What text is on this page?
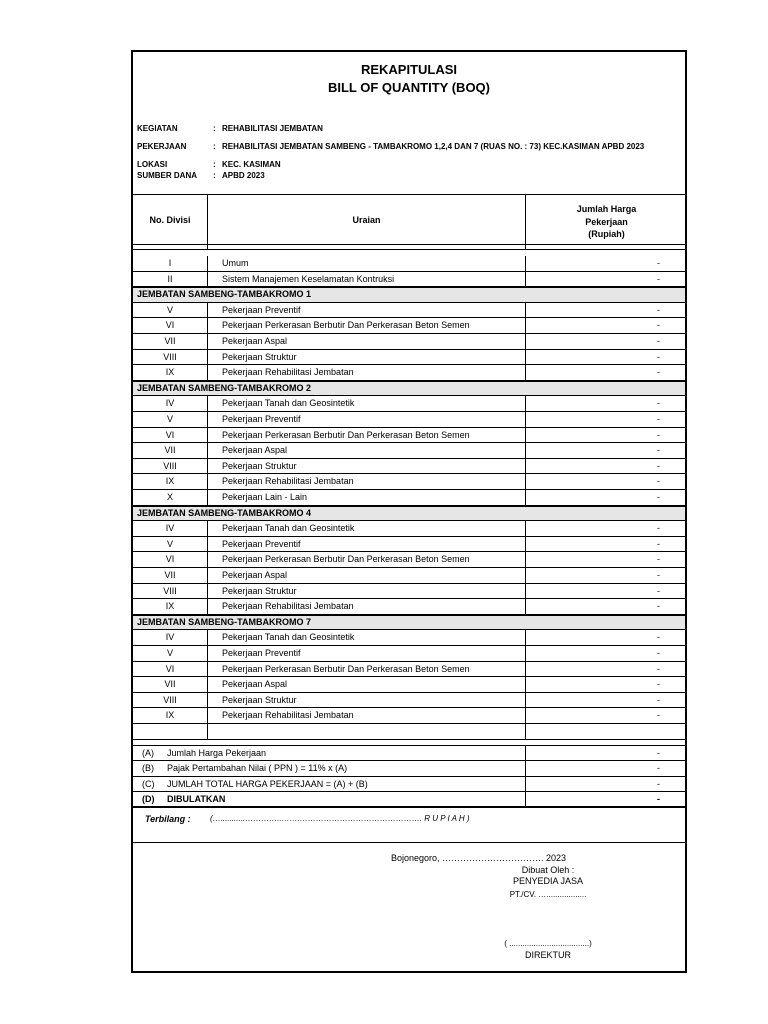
REKAPITULASI
BILL OF QUANTITY (BOQ)
KEGIATAN	: REHABILITASI JEMBATAN
PEKERJAAN	: REHABILITASI JEMBATAN SAMBENG - TAMBAKROMO 1,2,4 DAN 7 (RUAS NO. : 73) KEC.KASIMAN APBD 2023
LOKASI	: KEC. KASIMAN
SUMBER DANA : APBD 2023
No. Divisi	Uraian
Jumlah Harga
Pekerjaan
(Rupiah)
I	Umum	-
II	Sistem Manajemen Keselamatan Kontruksi	-
JEMBATAN SAMBENG-TAMBAKROMO 1
V	Pekerjaan Preventif	-
VI	Pekerjaan Perkerasan Berbutir Dan Perkerasan Beton Semen	-
VII	Pekerjaan Aspal	-
VIII	Pekerjaan Struktur	-
IX	Pekerjaan Rehabilitasi Jembatan	-
JEMBATAN SAMBENG-TAMBAKROMO 2
IV	Pekerjaan Tanah dan Geosintetik	-
V	Pekerjaan Preventif	-
VI	Pekerjaan Perkerasan Berbutir Dan Perkerasan Beton Semen	-
VII	Pekerjaan Aspal	-
VIII	Pekerjaan Struktur	-
IX	Pekerjaan Rehabilitasi Jembatan	-
X	Pekerjaan Lain - Lain	-
JEMBATAN SAMBENG-TAMBAKROMO 4
IV	Pekerjaan Tanah dan Geosintetik	-
V	Pekerjaan Preventif	-
VI	Pekerjaan Perkerasan Berbutir Dan Perkerasan Beton Semen	-
VII	Pekerjaan Aspal	-
VIII	Pekerjaan Struktur	-
IX	Pekerjaan Rehabilitasi Jembatan	-
JEMBATAN SAMBENG-TAMBAKROMO 7
IV	Pekerjaan Tanah dan Geosintetik	-
V	Pekerjaan Preventif	-
VI	Pekerjaan Perkerasan Berbutir Dan Perkerasan Beton Semen	-
VII	Pekerjaan Aspal	-
VIII	Pekerjaan Struktur	-
IX	Pekerjaan Rehabilitasi Jembatan	-
(A) Jumlah Harga Pekerjaan	-
(B) Pajak Pertambahan Nilai ( PPN ) = 11% x (A)	-
(C) JUMLAH TOTAL HARGA PEKERJAAN = (A) + (B)	-
(D) DIBULATKAN	-
Terbilang : (…...........…………..…….………………………………………. R U P I A H )
Bojonegoro, ……………………………. 2023
Dibuat Oleh :
PENYEDIA JASA
PT./CV. …..................
( ....................................)
DIREKTUR
